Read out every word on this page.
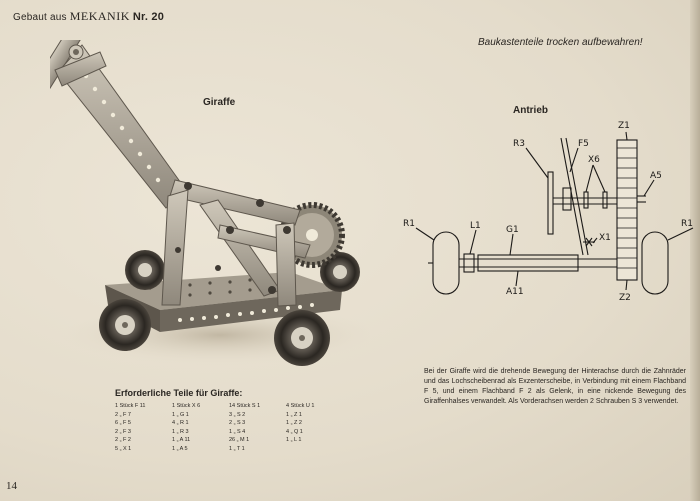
Gebaut aus MEKANIK Nr. 20
Baukastenteile trocken aufbewahren!
Giraffe
Antrieb
R3	F5
X6
Z1
A5
R1	L1	G1
R1
X1
A11
Z2
Erforderliche Teile für Giraffe:
1 Stück F 11	1 Stück X 6	14 Stück S 1	4 Stück U 1
2 „ F 7	1 „ G 1	3 „ S 2	1 „ Z 1
6 „ F 5	4 „ R 1	2 „ S 3	1 „ Z 2
2 „ F 3	1 „ R 3	1 „ S 4	4 „ Q 1
2 „ F 2	1 „ A 11	26 „ M 1	1 „ L 1
5 „ X 1	1 „ A 5	1 „ T 1	
Bei der Giraffe wird die drehende Bewegung der Hinterachse durch die Zahnräder und das Lochscheibenrad als Exzenterscheibe, in Verbindung mit einem Flachband F 5, und einem Flachband F 2 als Gelenk, in eine nickende Bewegung des Giraffenhalses verwandelt. Als Vorderachsen werden 2 Schrauben S 3 verwendet.
14
